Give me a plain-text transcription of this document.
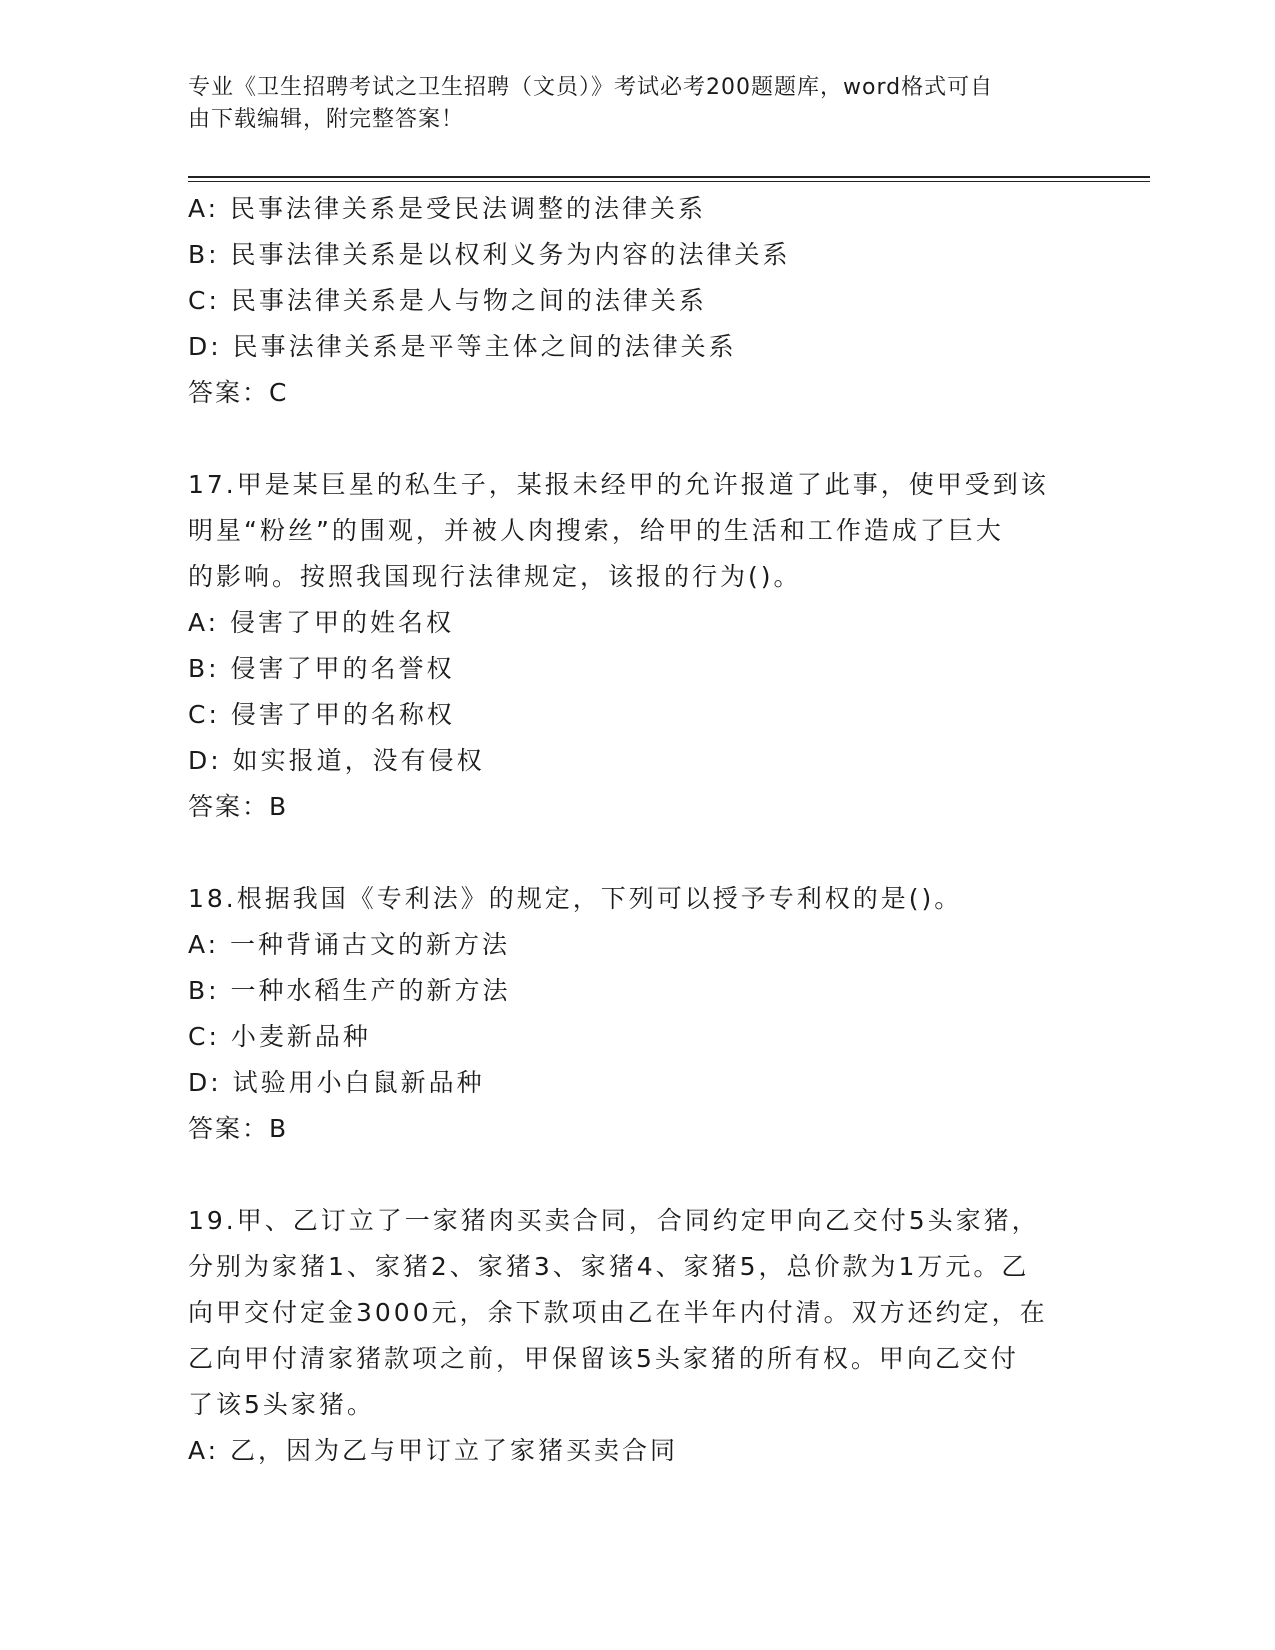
专业《卫生招聘考试之卫生招聘（文员）》考试必考200题题库，word格式可自
由下载编辑，附完整答案！
A: 民事法律关系是受民法调整的法律关系
B: 民事法律关系是以权利义务为内容的法律关系
C: 民事法律关系是人与物之间的法律关系
D: 民事法律关系是平等主体之间的法律关系
答案：C
17.甲是某巨星的私生子，某报未经甲的允许报道了此事，使甲受到该
明星“粉丝”的围观，并被人肉搜索，给甲的生活和工作造成了巨大
的影响。按照我国现行法律规定，该报的行为()。
A: 侵害了甲的姓名权
B: 侵害了甲的名誉权
C: 侵害了甲的名称权
D: 如实报道，没有侵权
答案：B
18.根据我国《专利法》的规定，下列可以授予专利权的是()。
A: 一种背诵古文的新方法
B: 一种水稻生产的新方法
C: 小麦新品种
D: 试验用小白鼠新品种
答案：B
19.甲、乙订立了一家猪肉买卖合同，合同约定甲向乙交付5头家猪，
分别为家猪1、家猪2、家猪3、家猪4、家猪5，总价款为1万元。乙
向甲交付定金3000元，余下款项由乙在半年内付清。双方还约定，在
乙向甲付清家猪款项之前，甲保留该5头家猪的所有权。甲向乙交付
了该5头家猪。
A: 乙，因为乙与甲订立了家猪买卖合同
